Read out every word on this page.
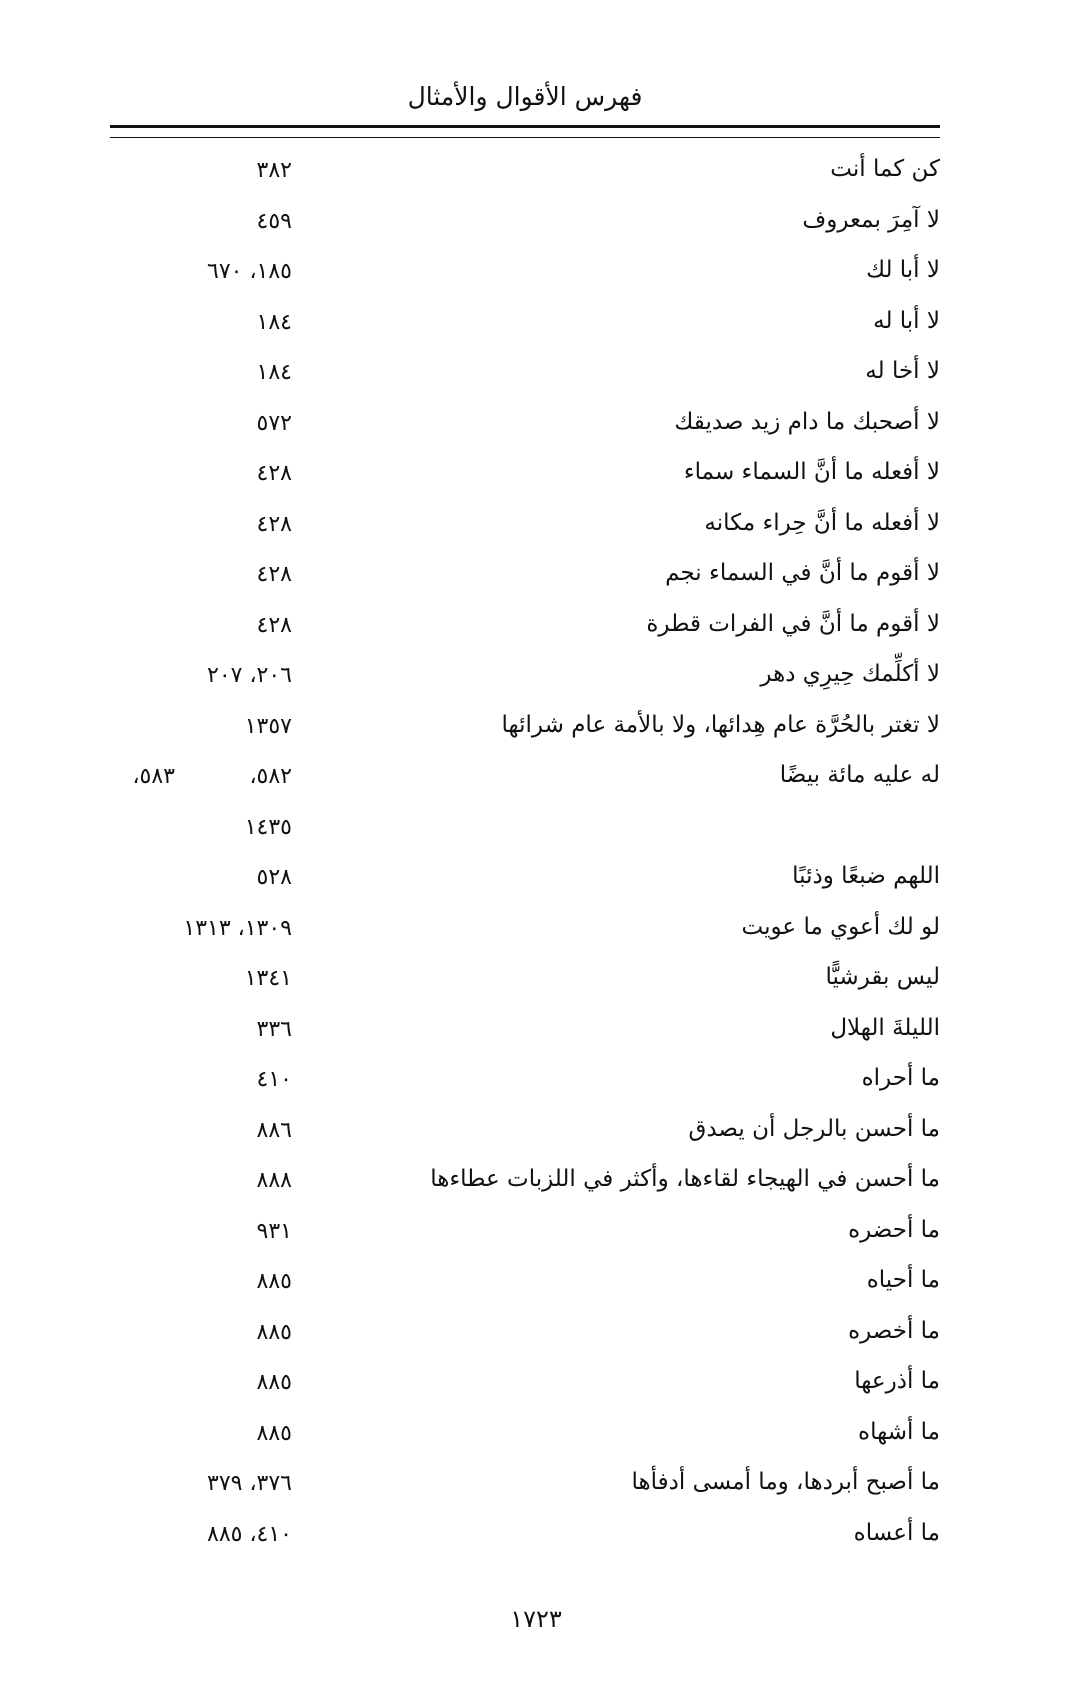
فهرس الأقوال والأمثال
كن كما أنت
٣٨٢
لا آمِرَ بمعروف
٤٥٩
لا أبا لك
١٨٥، ٦٧٠
لا أبا له
١٨٤
لا أخا له
١٨٤
لا أصحبك ما دام زيد صديقك
٥٧٢
لا أفعله ما أنَّ السماء سماء
٤٢٨
لا أفعله ما أنَّ حِراء مكانه
٤٢٨
لا أقوم ما أنَّ في السماء نجم
٤٢٨
لا أقوم ما أنَّ في الفرات قطرة
٤٢٨
لا أكلِّمك حِيرِي دهر
٢٠٦، ٢٠٧
لا تغتر بالحُرَّة عام هِدائها، ولا بالأمة عام شرائها
١٣٥٧
له عليه مائة بيضًا
٥٨٢،
٥٨٣،
١٤٣٥
اللهم ضبعًا وذئبًا
٥٢٨
لو لك أعوي ما عويت
١٣٠٩، ١٣١٣
ليس بقرشيًّا
١٣٤١
الليلةَ الهلال
٣٣٦
ما أحراه
٤١٠
ما أحسن بالرجل أن يصدق
٨٨٦
ما أحسن في الهيجاء لقاءها، وأكثر في اللزبات عطاءها
٨٨٨
ما أحضره
٩٣١
ما أحياه
٨٨٥
ما أخصره
٨٨٥
ما أذرعها
٨٨٥
ما أشهاه
٨٨٥
ما أصبح أبردها، وما أمسى أدفأها
٣٧٦، ٣٧٩
ما أعساه
٤١٠، ٨٨٥
١٧٢٣
